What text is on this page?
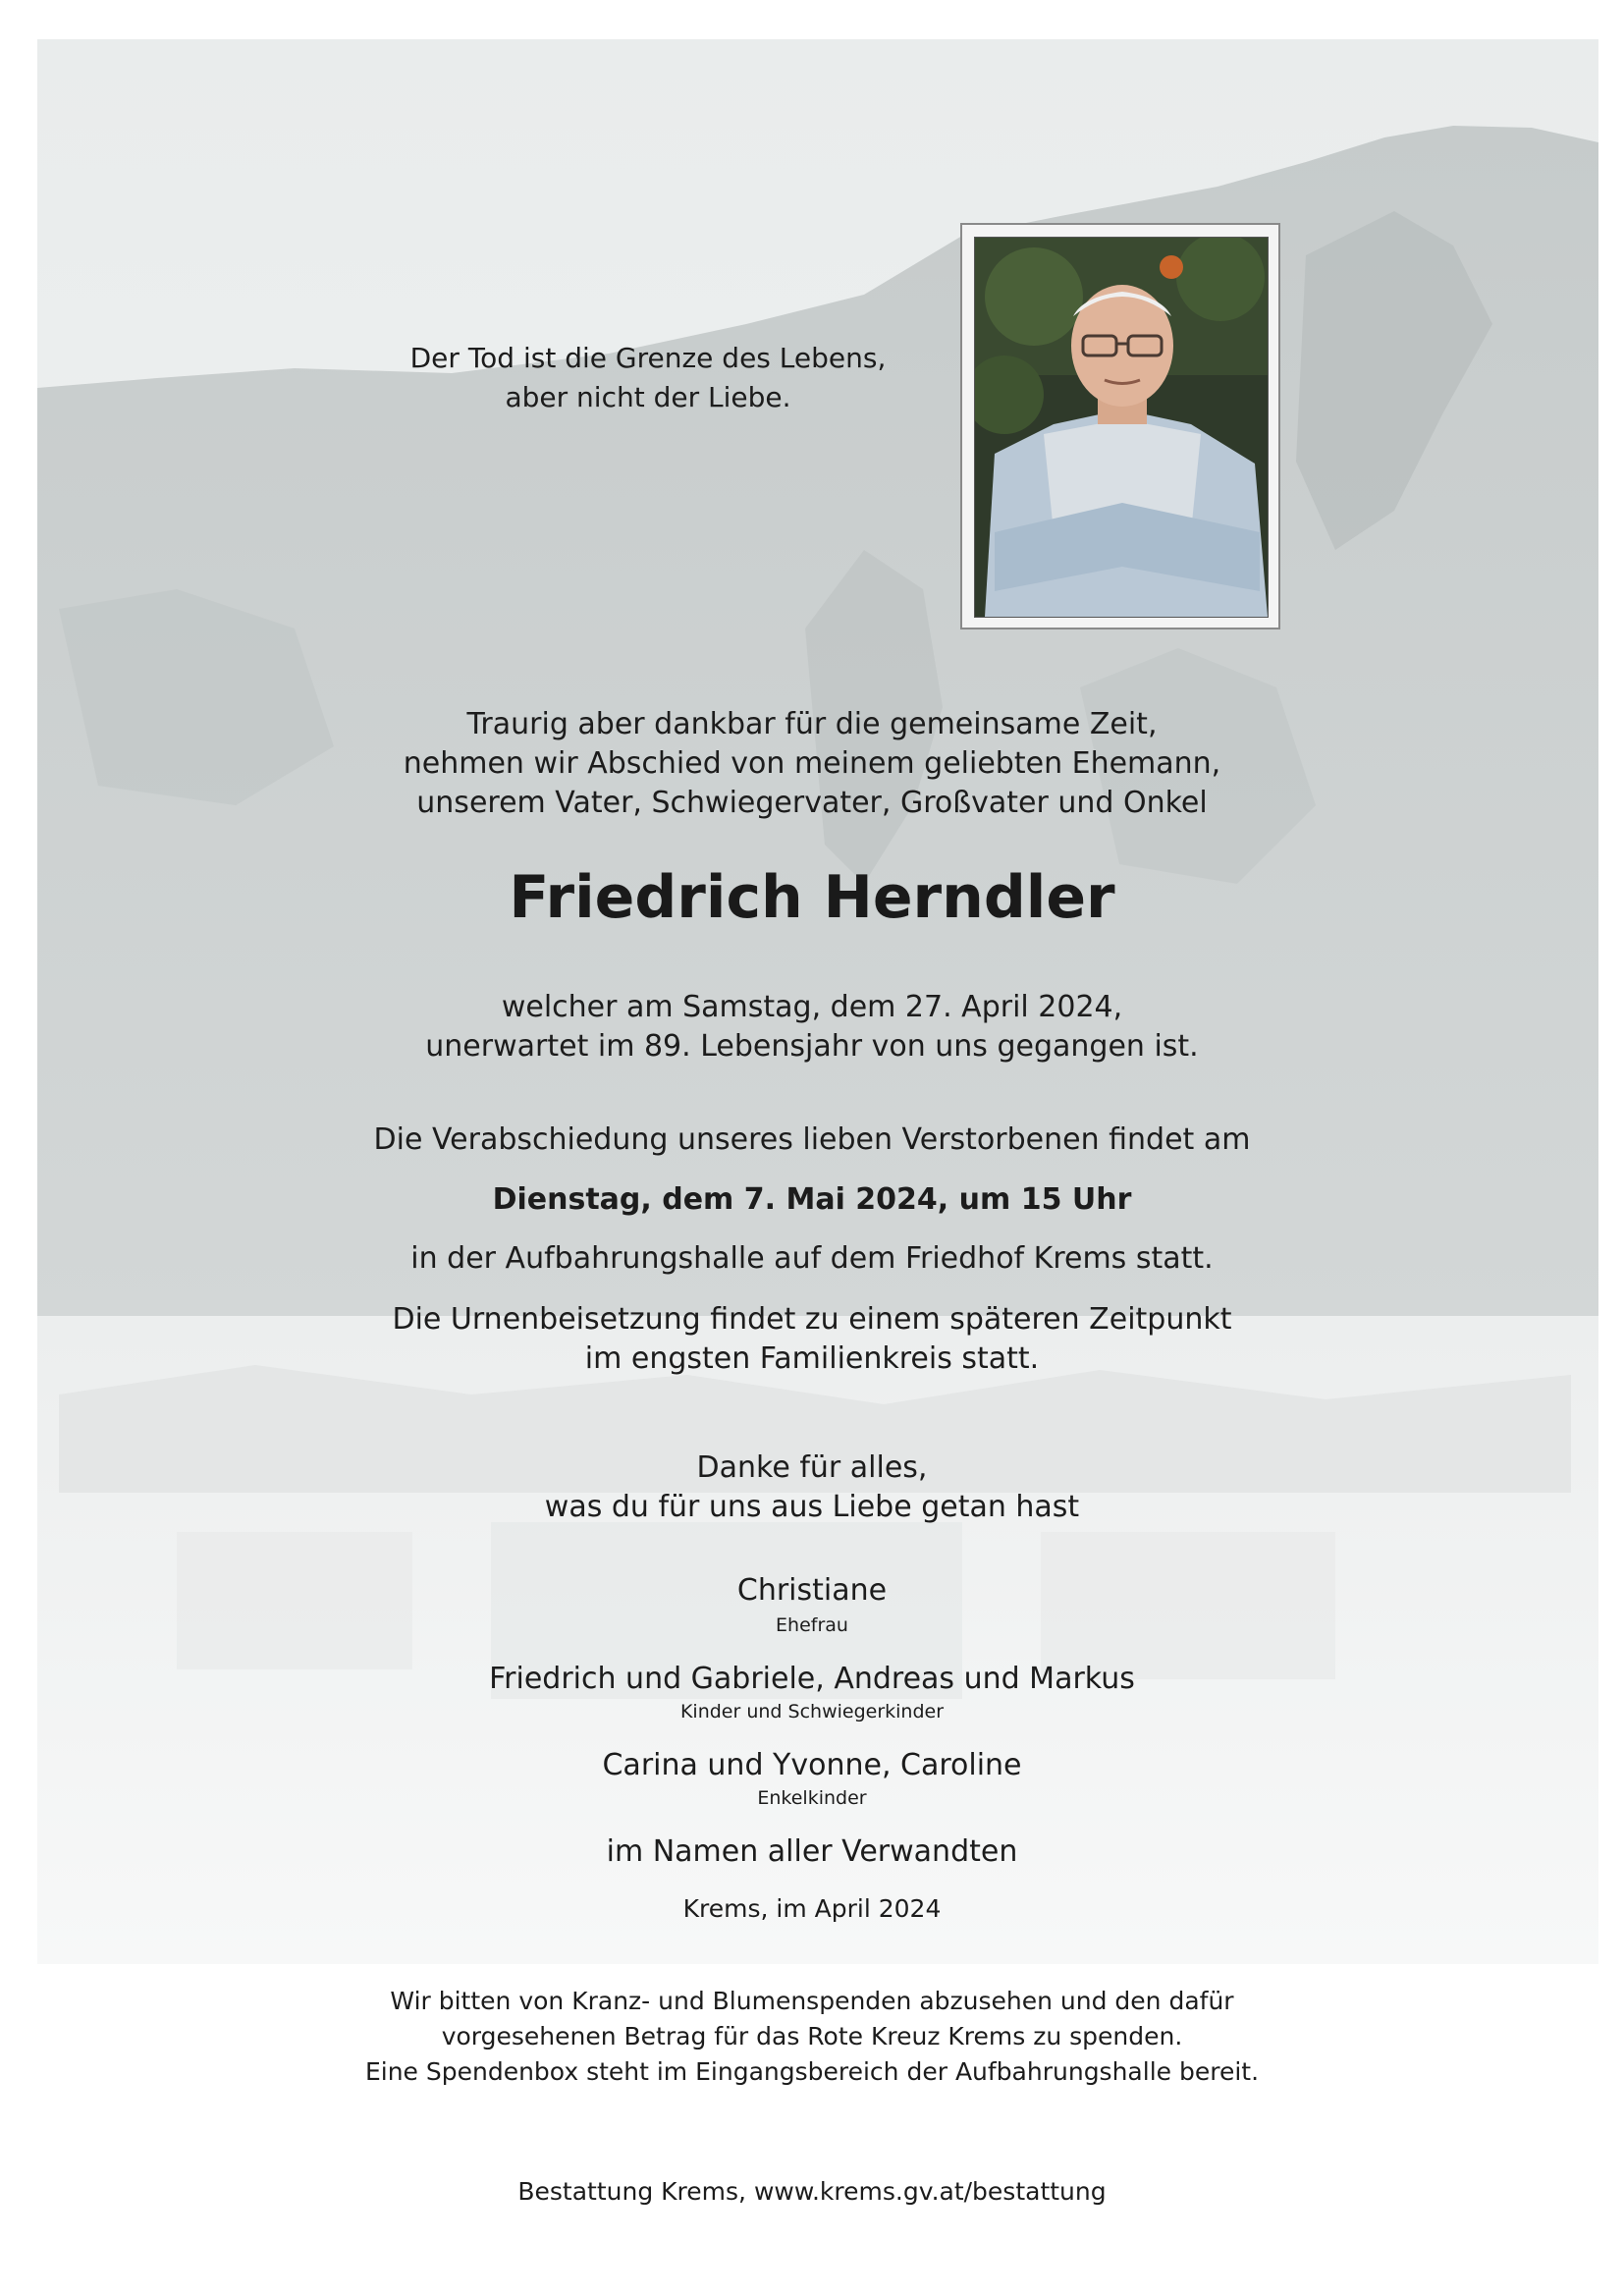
Der Tod ist die Grenze des Lebens,
aber nicht der Liebe.
Traurig aber dankbar für die gemeinsame Zeit,
nehmen wir Abschied von meinem geliebten Ehemann,
unserem Vater, Schwiegervater, Großvater und Onkel
Friedrich Herndler
welcher am Samstag, dem 27. April 2024,
unerwartet im 89. Lebensjahr von uns gegangen ist.
Die Verabschiedung unseres lieben Verstorbenen findet am
Dienstag, dem 7. Mai 2024, um 15 Uhr
in der Aufbahrungshalle auf dem Friedhof Krems statt.
Die Urnenbeisetzung findet zu einem späteren Zeitpunkt
im engsten Familienkreis statt.
Danke für alles,
was du für uns aus Liebe getan hast
Christiane
Ehefrau
Friedrich und Gabriele, Andreas und Markus
Kinder und Schwiegerkinder
Carina und Yvonne, Caroline
Enkelkinder
im Namen aller Verwandten
Krems, im April 2024
Wir bitten von Kranz- und Blumenspenden abzusehen und den dafür
vorgesehenen Betrag für das Rote Kreuz Krems zu spenden.
Eine Spendenbox steht im Eingangsbereich der Aufbahrungshalle bereit.
Bestattung Krems, www.krems.gv.at/bestattung
